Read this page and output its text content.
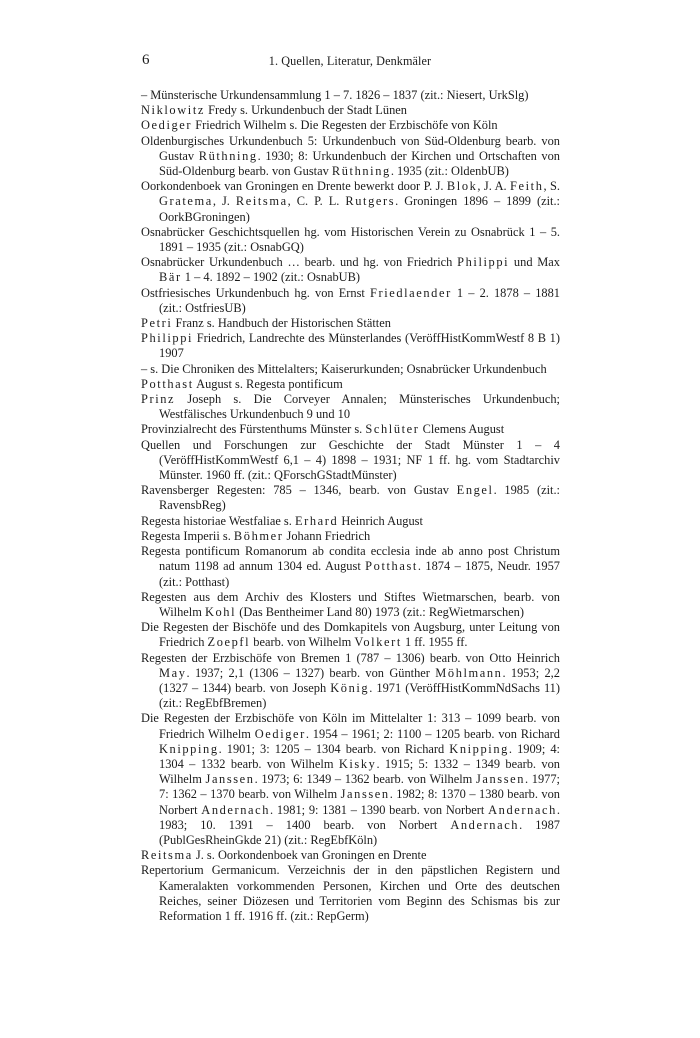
6	1. Quellen, Literatur, Denkmäler

– Münsterische Urkundensammlung 1 – 7. 1826 – 1837 (zit.: Niesert, UrkSlg)

Niklowitz Fredy s. Urkundenbuch der Stadt Lünen

Oediger Friedrich Wilhelm s. Die Regesten der Erzbischöfe von Köln

Oldenburgisches Urkundenbuch 5: Urkundenbuch von Süd-Oldenburg bearb. von Gustav Rüthning. 1930; 8: Urkundenbuch der Kirchen und Ortschaften von Süd-Oldenburg bearb. von Gustav Rüthning. 1935 (zit.: OldenbUB)

Oorkondenboek van Groningen en Drente bewerkt door P. J. Blok, J. A. Feith, S. Gratema, J. Reitsma, C. P. L. Rutgers. Groningen 1896 – 1899 (zit.: OorkBGroningen)

Osnabrücker Geschichtsquellen hg. vom Historischen Verein zu Osnabrück 1 – 5. 1891 – 1935 (zit.: OsnabGQ)

Osnabrücker Urkundenbuch … bearb. und hg. von Friedrich Philippi und Max Bär 1 – 4. 1892 – 1902 (zit.: OsnabUB)

Ostfriesisches Urkundenbuch hg. von Ernst Friedlaender 1 – 2. 1878 – 1881 (zit.: OstfriesUB)

Petri Franz s. Handbuch der Historischen Stätten

Philippi Friedrich, Landrechte des Münsterlandes (VeröffHistKommWestf 8 B 1) 1907

– s. Die Chroniken des Mittelalters; Kaiserurkunden; Osnabrücker Urkundenbuch

Potthast August s. Regesta pontificum

Prinz Joseph s. Die Corveyer Annalen; Münsterisches Urkundenbuch; Westfälisches Urkundenbuch 9 und 10

Provinzialrecht des Fürstenthums Münster s. Schlüter Clemens August

Quellen und Forschungen zur Geschichte der Stadt Münster 1 – 4 (VeröffHistKommWestf 6,1 – 4) 1898 – 1931; NF 1 ff. hg. vom Stadtarchiv Münster. 1960 ff. (zit.: QForschGStadtMünster)

Ravensberger Regesten: 785 – 1346, bearb. von Gustav Engel. 1985 (zit.: RavensbReg)

Regesta historiae Westfaliae s. Erhard Heinrich August

Regesta Imperii s. Böhmer Johann Friedrich

Regesta pontificum Romanorum ab condita ecclesia inde ab anno post Christum natum 1198 ad annum 1304 ed. August Potthast. 1874 – 1875, Neudr. 1957 (zit.: Potthast)

Regesten aus dem Archiv des Klosters und Stiftes Wietmarschen, bearb. von Wilhelm Kohl (Das Bentheimer Land 80) 1973 (zit.: RegWietmarschen)

Die Regesten der Bischöfe und des Domkapitels von Augsburg, unter Leitung von Friedrich Zoepfl bearb. von Wilhelm Volkert 1 ff. 1955 ff.

Regesten der Erzbischöfe von Bremen 1 (787 – 1306) bearb. von Otto Heinrich May. 1937; 2,1 (1306 – 1327) bearb. von Günther Möhlmann. 1953; 2,2 (1327 – 1344) bearb. von Joseph König. 1971 (VeröffHistKommNdSachs 11) (zit.: RegEbfBremen)

Die Regesten der Erzbischöfe von Köln im Mittelalter 1: 313 – 1099 bearb. von Friedrich Wilhelm Oediger. 1954 – 1961; 2: 1100 – 1205 bearb. von Richard Knipping. 1901; 3: 1205 – 1304 bearb. von Richard Knipping. 1909; 4: 1304 – 1332 bearb. von Wilhelm Kisky. 1915; 5: 1332 – 1349 bearb. von Wilhelm Janssen. 1973; 6: 1349 – 1362 bearb. von Wilhelm Janssen. 1977; 7: 1362 – 1370 bearb. von Wilhelm Janssen. 1982; 8: 1370 – 1380 bearb. von Norbert Andernach. 1981; 9: 1381 – 1390 bearb. von Norbert Andernach. 1983; 10. 1391 – 1400 bearb. von Norbert Andernach. 1987 (PublGesRheinGkde 21) (zit.: RegEbfKöln)

Reitsma J. s. Oorkondenboek van Groningen en Drente

Repertorium Germanicum. Verzeichnis der in den päpstlichen Registern und Kameralakten vorkommenden Personen, Kirchen und Orte des deutschen Reiches, seiner Diözesen und Territorien vom Beginn des Schismas bis zur Reformation 1 ff. 1916 ff. (zit.: RepGerm)
